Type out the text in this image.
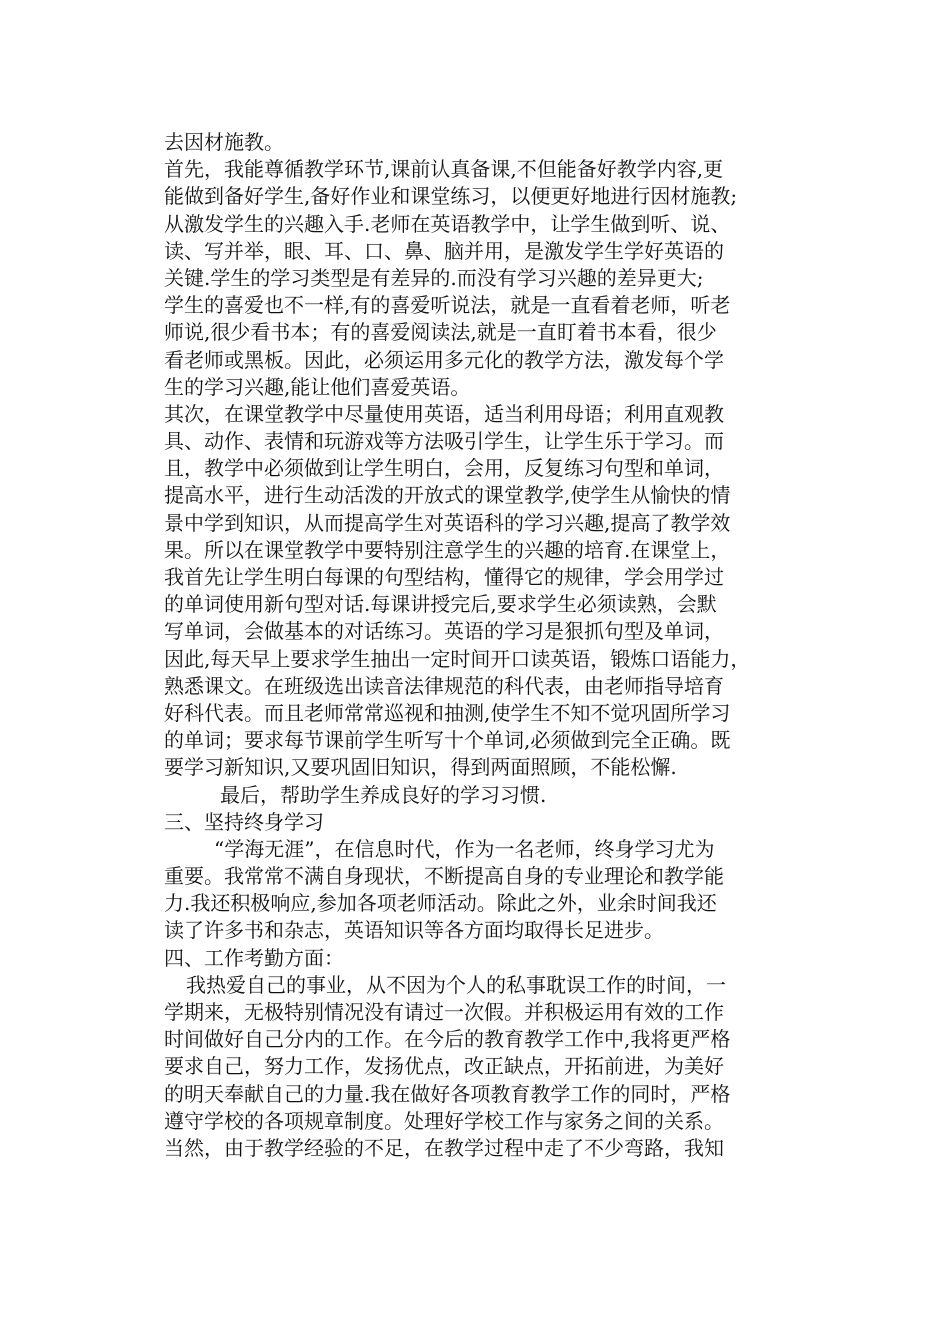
去因材施教。
首先，我能尊循教学环节,课前认真备课,不但能备好教学内容,更
能做到备好学生,备好作业和课堂练习，以便更好地进行因材施教;
从激发学生的兴趣入手.老师在英语教学中，让学生做到听、说、
读、写并举，眼、耳、口、鼻、脑并用，是激发学生学好英语的
关键.学生的学习类型是有差异的.而没有学习兴趣的差异更大;
学生的喜爱也不一样,有的喜爱听说法，就是一直看着老师，听老
师说,很少看书本；有的喜爱阅读法,就是一直盯着书本看，很少
看老师或黑板。因此，必须运用多元化的教学方法，激发每个学
生的学习兴趣,能让他们喜爱英语。
其次，在课堂教学中尽量使用英语，适当利用母语；利用直观教
具、动作、表情和玩游戏等方法吸引学生，让学生乐于学习。而
且，教学中必须做到让学生明白，会用，反复练习句型和单词，
提高水平，进行生动活泼的开放式的课堂教学,使学生从愉快的情
景中学到知识，从而提高学生对英语科的学习兴趣,提高了教学效
果。所以在课堂教学中要特别注意学生的兴趣的培育.在课堂上，
我首先让学生明白每课的句型结构，懂得它的规律，学会用学过
的单词使用新句型对话.每课讲授完后,要求学生必须读熟，会默
写单词，会做基本的对话练习。英语的学习是狠抓句型及单词，
因此,每天早上要求学生抽出一定时间开口读英语，锻炼口语能力，
熟悉课文。在班级选出读音法律规范的科代表，由老师指导培育
好科代表。而且老师常常巡视和抽测,使学生不知不觉巩固所学习
的单词；要求每节课前学生听写十个单词,必须做到完全正确。既
要学习新知识,又要巩固旧知识，得到两面照顾，不能松懈.
最后，帮助学生养成良好的学习习惯.
三、坚持终身学习
“学海无涯”，在信息时代，作为一名老师，终身学习尤为
重要。我常常不满自身现状，不断提高自身的专业理论和教学能
力.我还积极响应,参加各项老师活动。除此之外，业余时间我还
读了许多书和杂志，英语知识等各方面均取得长足进步。
四、工作考勤方面：
我热爱自己的事业，从不因为个人的私事耽误工作的时间，一
学期来，无极特别情况没有请过一次假。并积极运用有效的工作
时间做好自己分内的工作。在今后的教育教学工作中,我将更严格
要求自己，努力工作，发扬优点，改正缺点，开拓前进，为美好
的明天奉献自己的力量.我在做好各项教育教学工作的同时，严格
遵守学校的各项规章制度。处理好学校工作与家务之间的关系。
当然，由于教学经验的不足，在教学过程中走了不少弯路，我知
